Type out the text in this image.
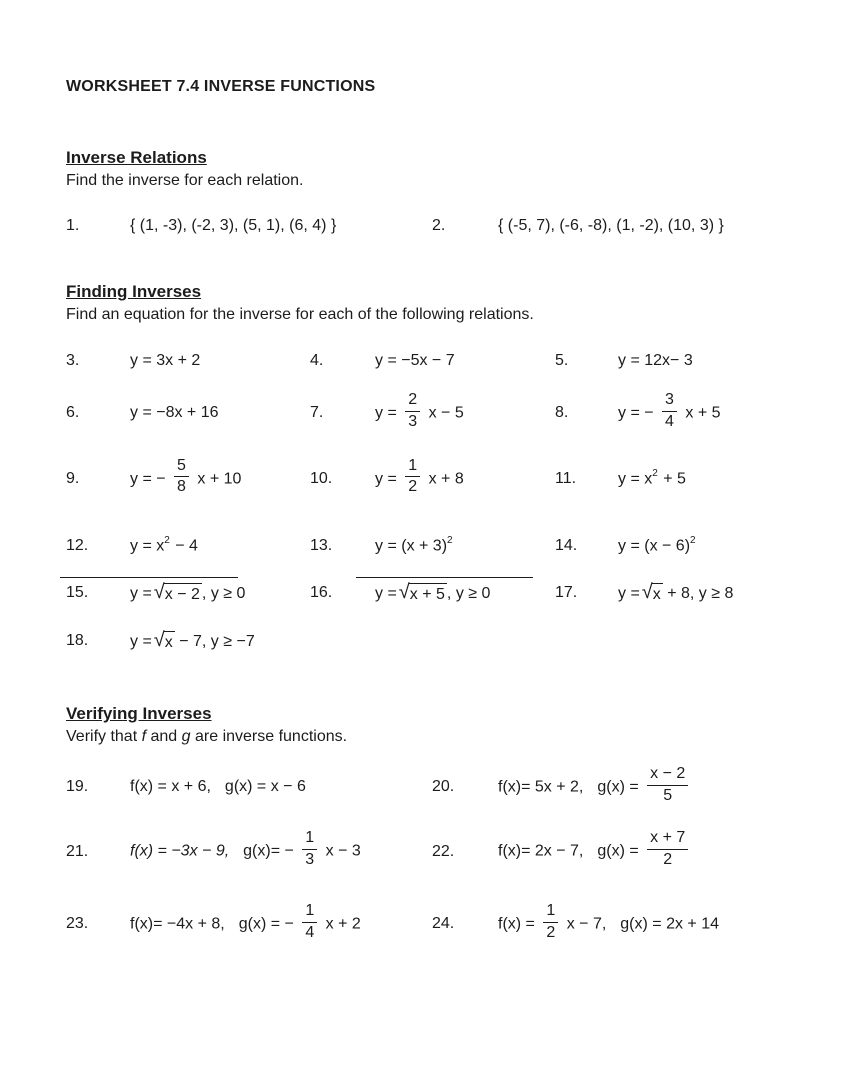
WORKSHEET 7.4 INVERSE FUNCTIONS
Inverse Relations
Find the inverse for each relation.
1.	{ (1, -3), (-2, 3), (5, 1), (6, 4) }	2.	{ (-5, 7), (-6, -8), (1, -2), (10, 3) }
Finding Inverses
Find an equation for the inverse for each of the following relations.
3.	y = 3x + 2	4.	y = −5x − 7	5.	y = 12x− 3
6.	y = −8x + 16	7.	$y = \frac{2}{3}$ x − 5	8.	y = − $\frac{3}{4}$ x + 5
9.	y = − $\frac{5}{8}$ x + 10	10.	$y = \frac{1}{2}$ x + 8	11.	$y = x^2 + 5$
12.	$y = x^2 - 4$	13.	$y = (x + 3)^2$	14.	$y = (x - 6)^2$
15.	y = √ x − 2 , y ≥ 0	16.	y = √ x + 5 , y ≥ 0	17.	y = √ x + 8, y ≥ 8
18.	y = √ x − 7, y ≥ −7
Verifying Inverses
Verify that f and g are inverse functions.
19.	f(x) = x + 6, g(x) = x − 6	20.	f(x)= 5x + 2, $g(x) = \frac{x - 2}{5}$
21.	f(x) = −3x − 9, $g(x)= - \frac{1}{3}$ x − 3	22.	f(x)= 2x − 7, $g(x) = \frac{x + 7}{2}$
23.	f(x)= −4x + 8, g(x) = − $\frac{1}{4}$ x + 2	24.	$f(x) = \frac{1}{2}$ x − 7, g(x) = 2x + 14
